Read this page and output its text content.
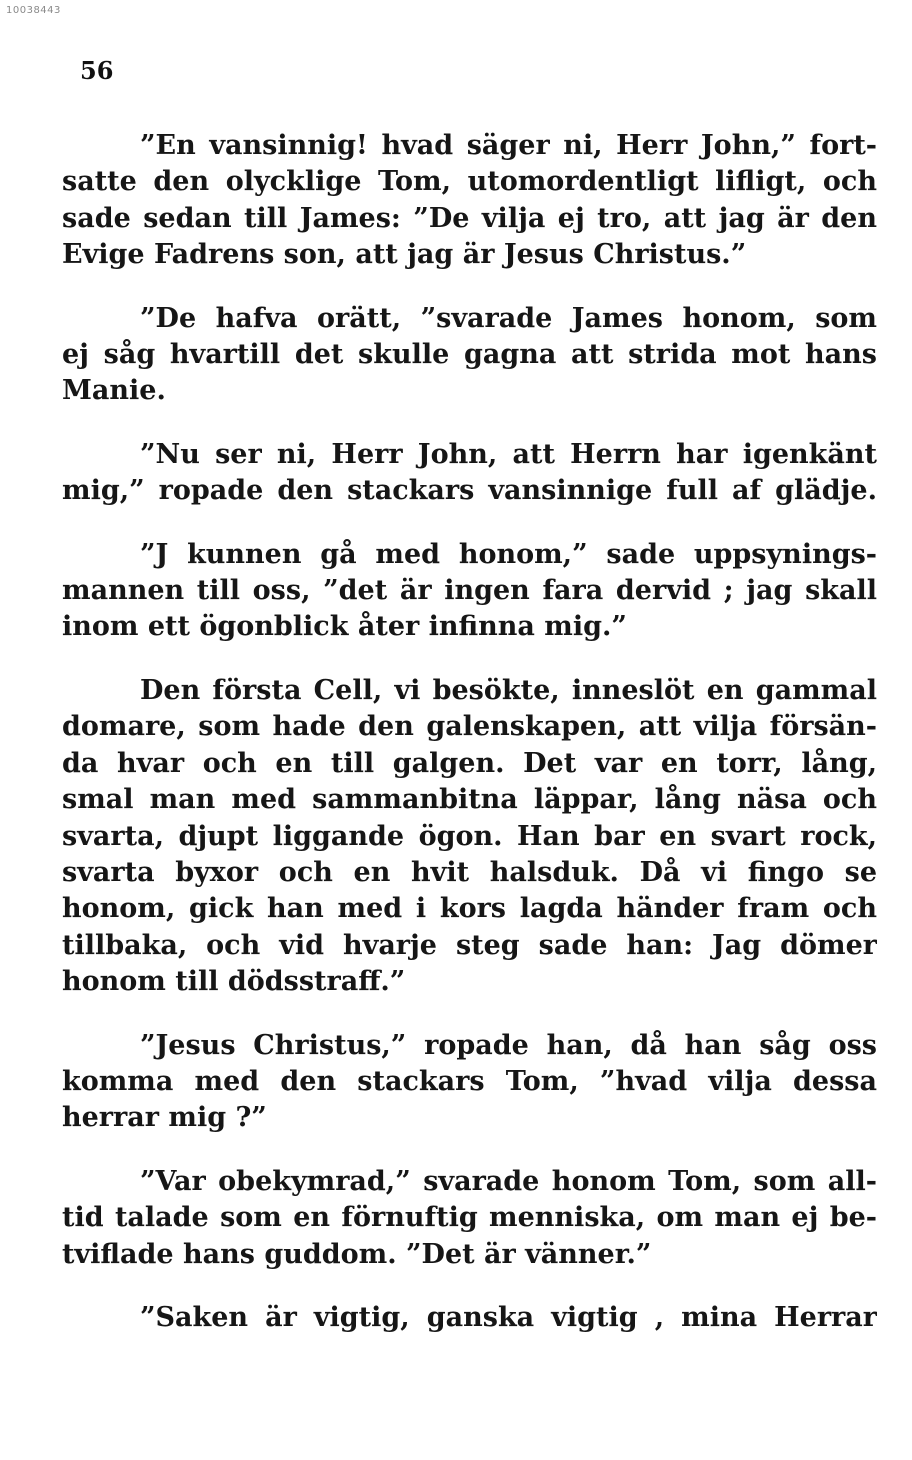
10038443
56
”En vansinnig! hvad säger ni, Herr John,” fort-
satte den olycklige Tom, utomordentligt lifligt, och
sade sedan till James: ”De vilja ej tro, att jag är den
Evige Fadrens son, att jag är Jesus Christus.”
”De hafva orätt, ”svarade James honom, som
ej såg hvartill det skulle gagna att strida mot hans
Manie.
”Nu ser ni, Herr John, att Herrn har igenkänt
mig,” ropade den stackars vansinnige full af glädje.
”J kunnen gå med honom,” sade uppsynings-
mannen till oss, ”det är ingen fara dervid ; jag skall
inom ett ögonblick åter infinna mig.”
Den första Cell, vi besökte, inneslöt en gammal
domare, som hade den galenskapen, att vilja försän-
da hvar och en till galgen. Det var en torr, lång,
smal man med sammanbitna läppar, lång näsa och
svarta, djupt liggande ögon. Han bar en svart rock,
svarta byxor och en hvit halsduk. Då vi fingo se
honom, gick han med i kors lagda händer fram och
tillbaka, och vid hvarje steg sade han: Jag dömer
honom till dödsstraff.”
”Jesus Christus,” ropade han, då han såg oss
komma med den stackars Tom, ”hvad vilja dessa
herrar mig ?”
”Var obekymrad,” svarade honom Tom, som all-
tid talade som en förnuftig menniska, om man ej be-
tviflade hans guddom. ”Det är vänner.”
”Saken är vigtig, ganska vigtig , mina Herrar
